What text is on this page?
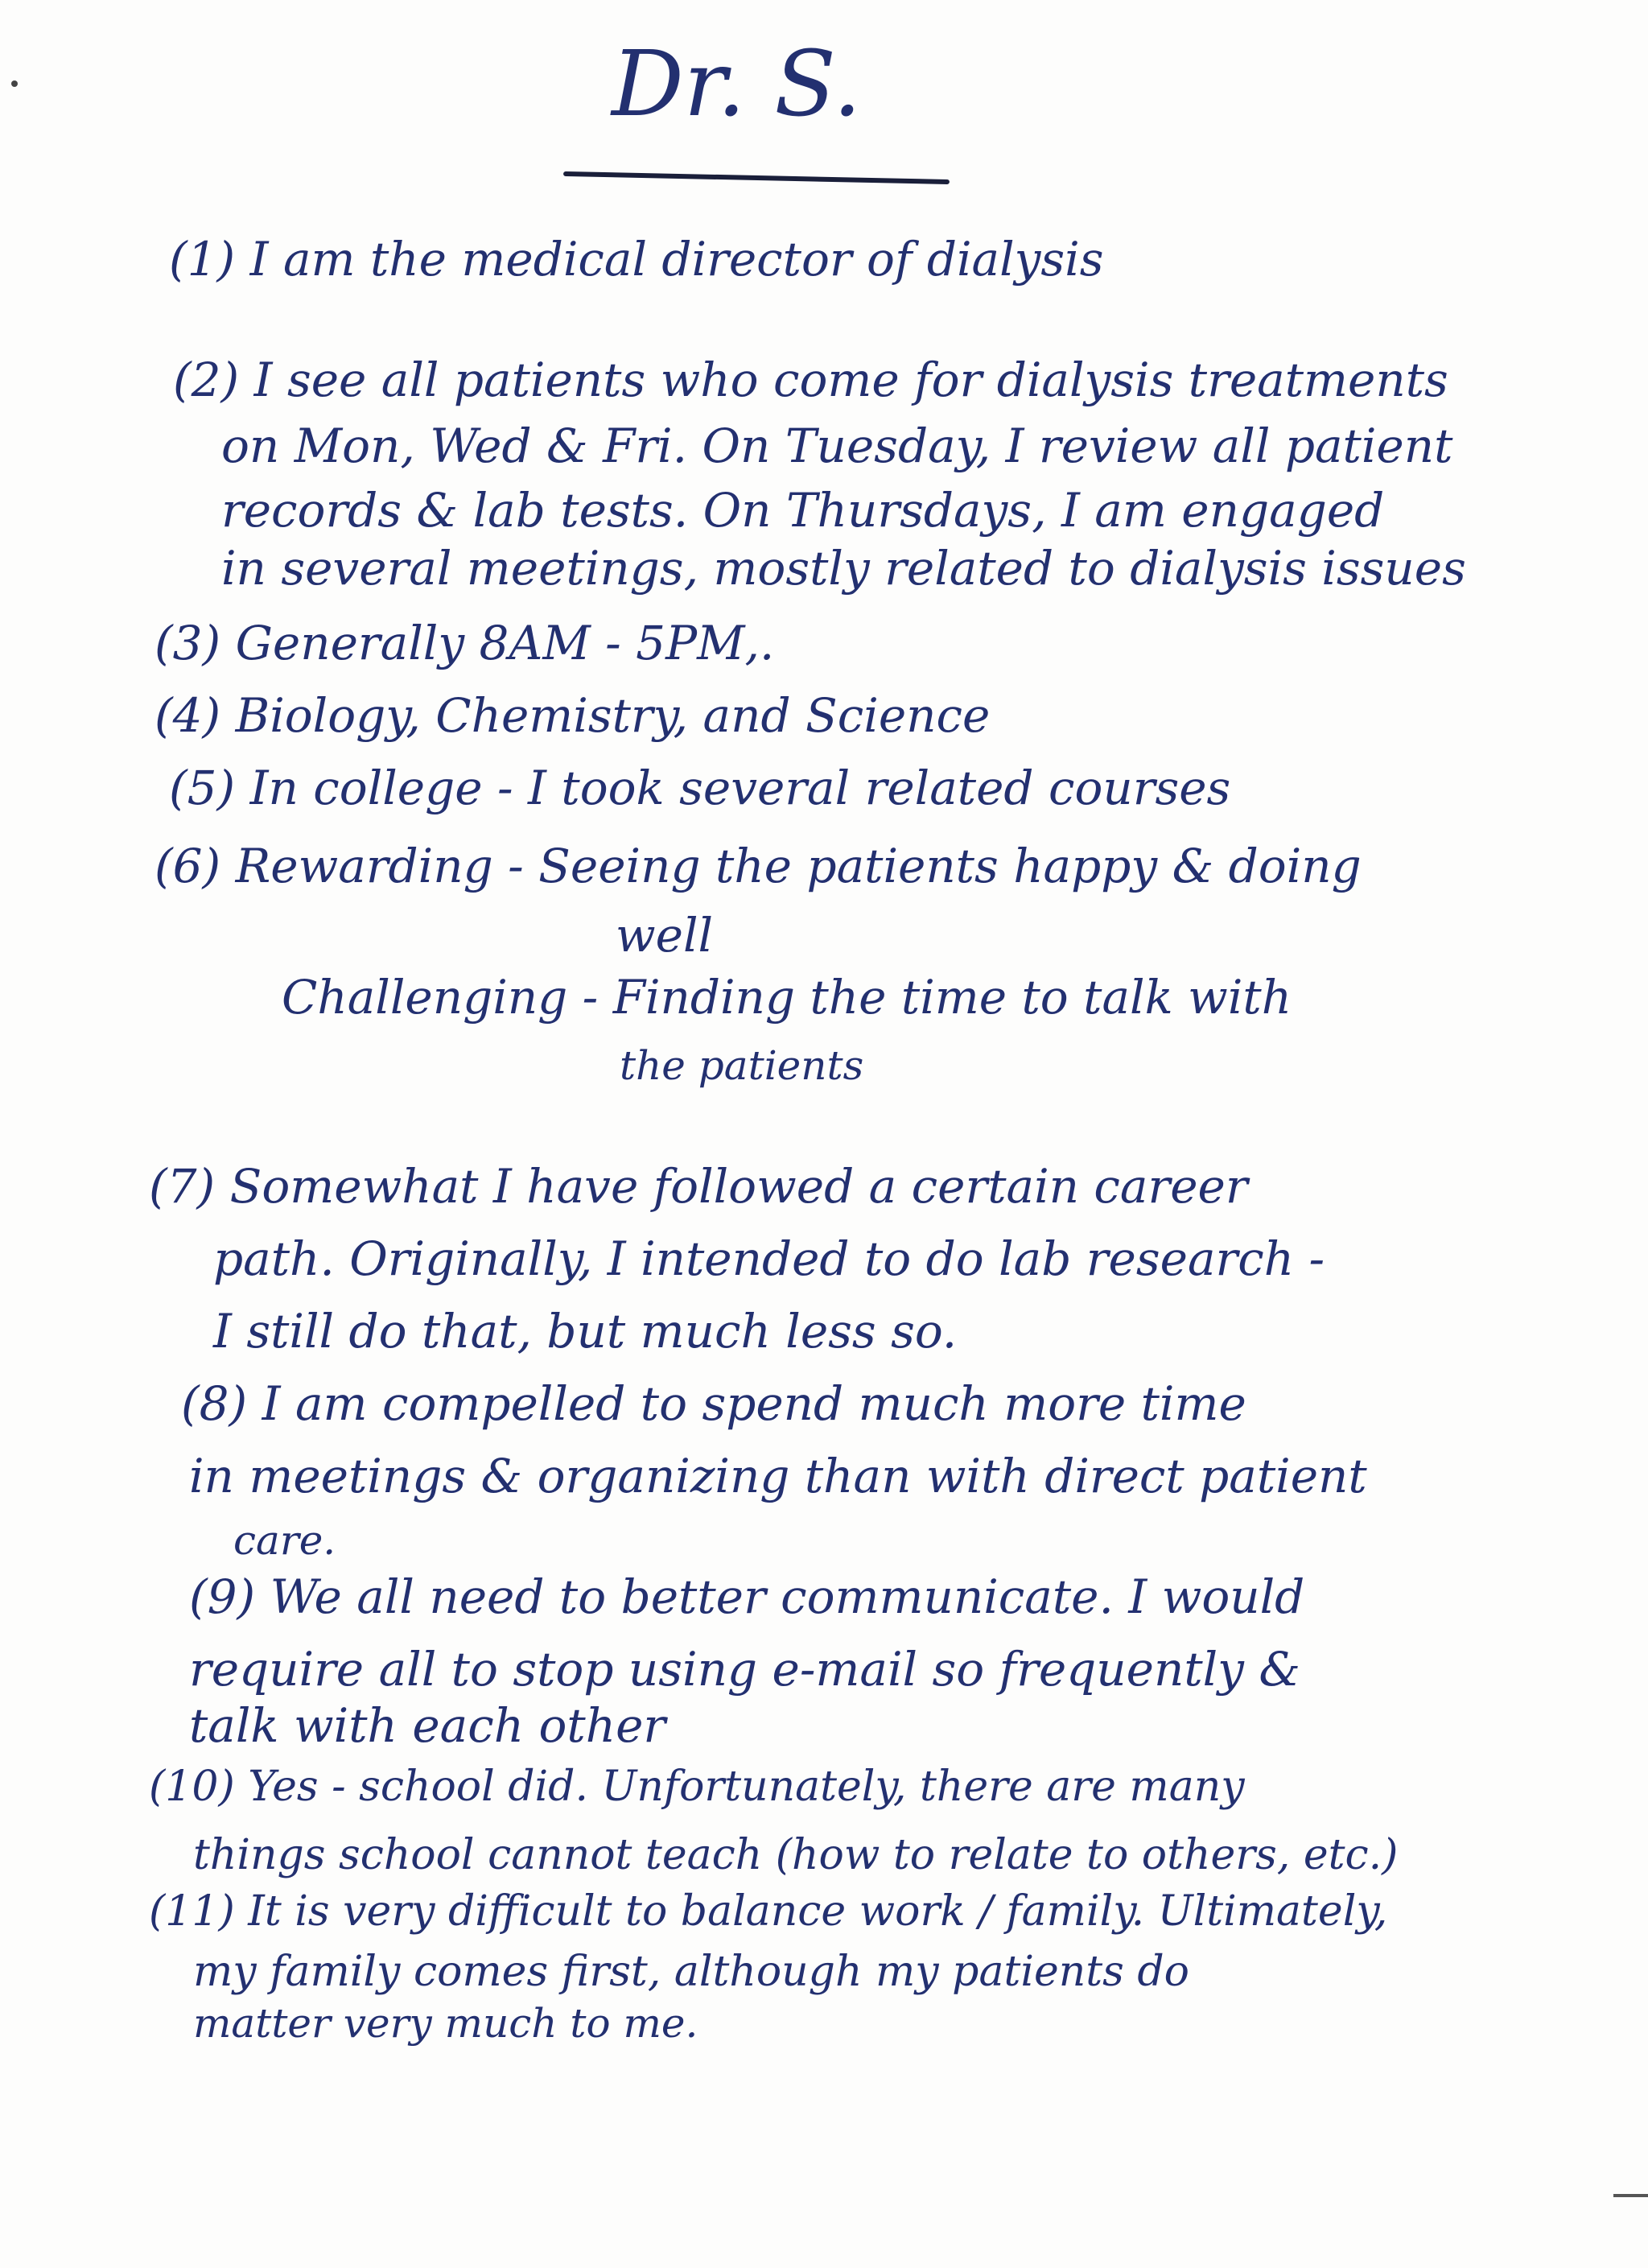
Dr. S.
(1) I am the medical director of dialysis
(2) I see all patients who come for dialysis treatments
on Mon, Wed & Fri. On Tuesday, I review all patient
records & lab tests. On Thursdays, I am engaged
in several meetings, mostly related to dialysis issues
(3) Generally 8AM - 5PM,.
(4) Biology, Chemistry, and Science
(5) In college - I took several related courses
(6) Rewarding - Seeing the patients happy & doing
well
Challenging - Finding the time to talk with
the patients
(7) Somewhat I have followed a certain career
path. Originally, I intended to do lab research -
I still do that, but much less so.
(8) I am compelled to spend much more time
in meetings & organizing than with direct patient
care.
(9) We all need to better communicate. I would
require all to stop using e-mail so frequently &
talk with each other
(10) Yes - school did. Unfortunately, there are many
things school cannot teach (how to relate to others, etc.)
(11) It is very difficult to balance work / family. Ultimately,
my family comes first, although my patients do
matter very much to me.
